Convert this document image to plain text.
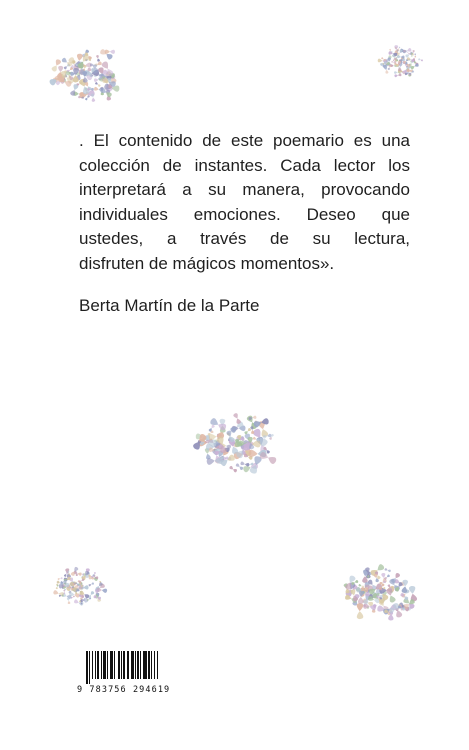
. El contenido de este poemario es una

colección de instantes. Cada lector los

interpretará a su manera, provocando

individuales emociones. Deseo que

ustedes, a través de su lectura,

disfruten de mágicos momentos».

Berta Martín de la Parte
9 783756 294619
